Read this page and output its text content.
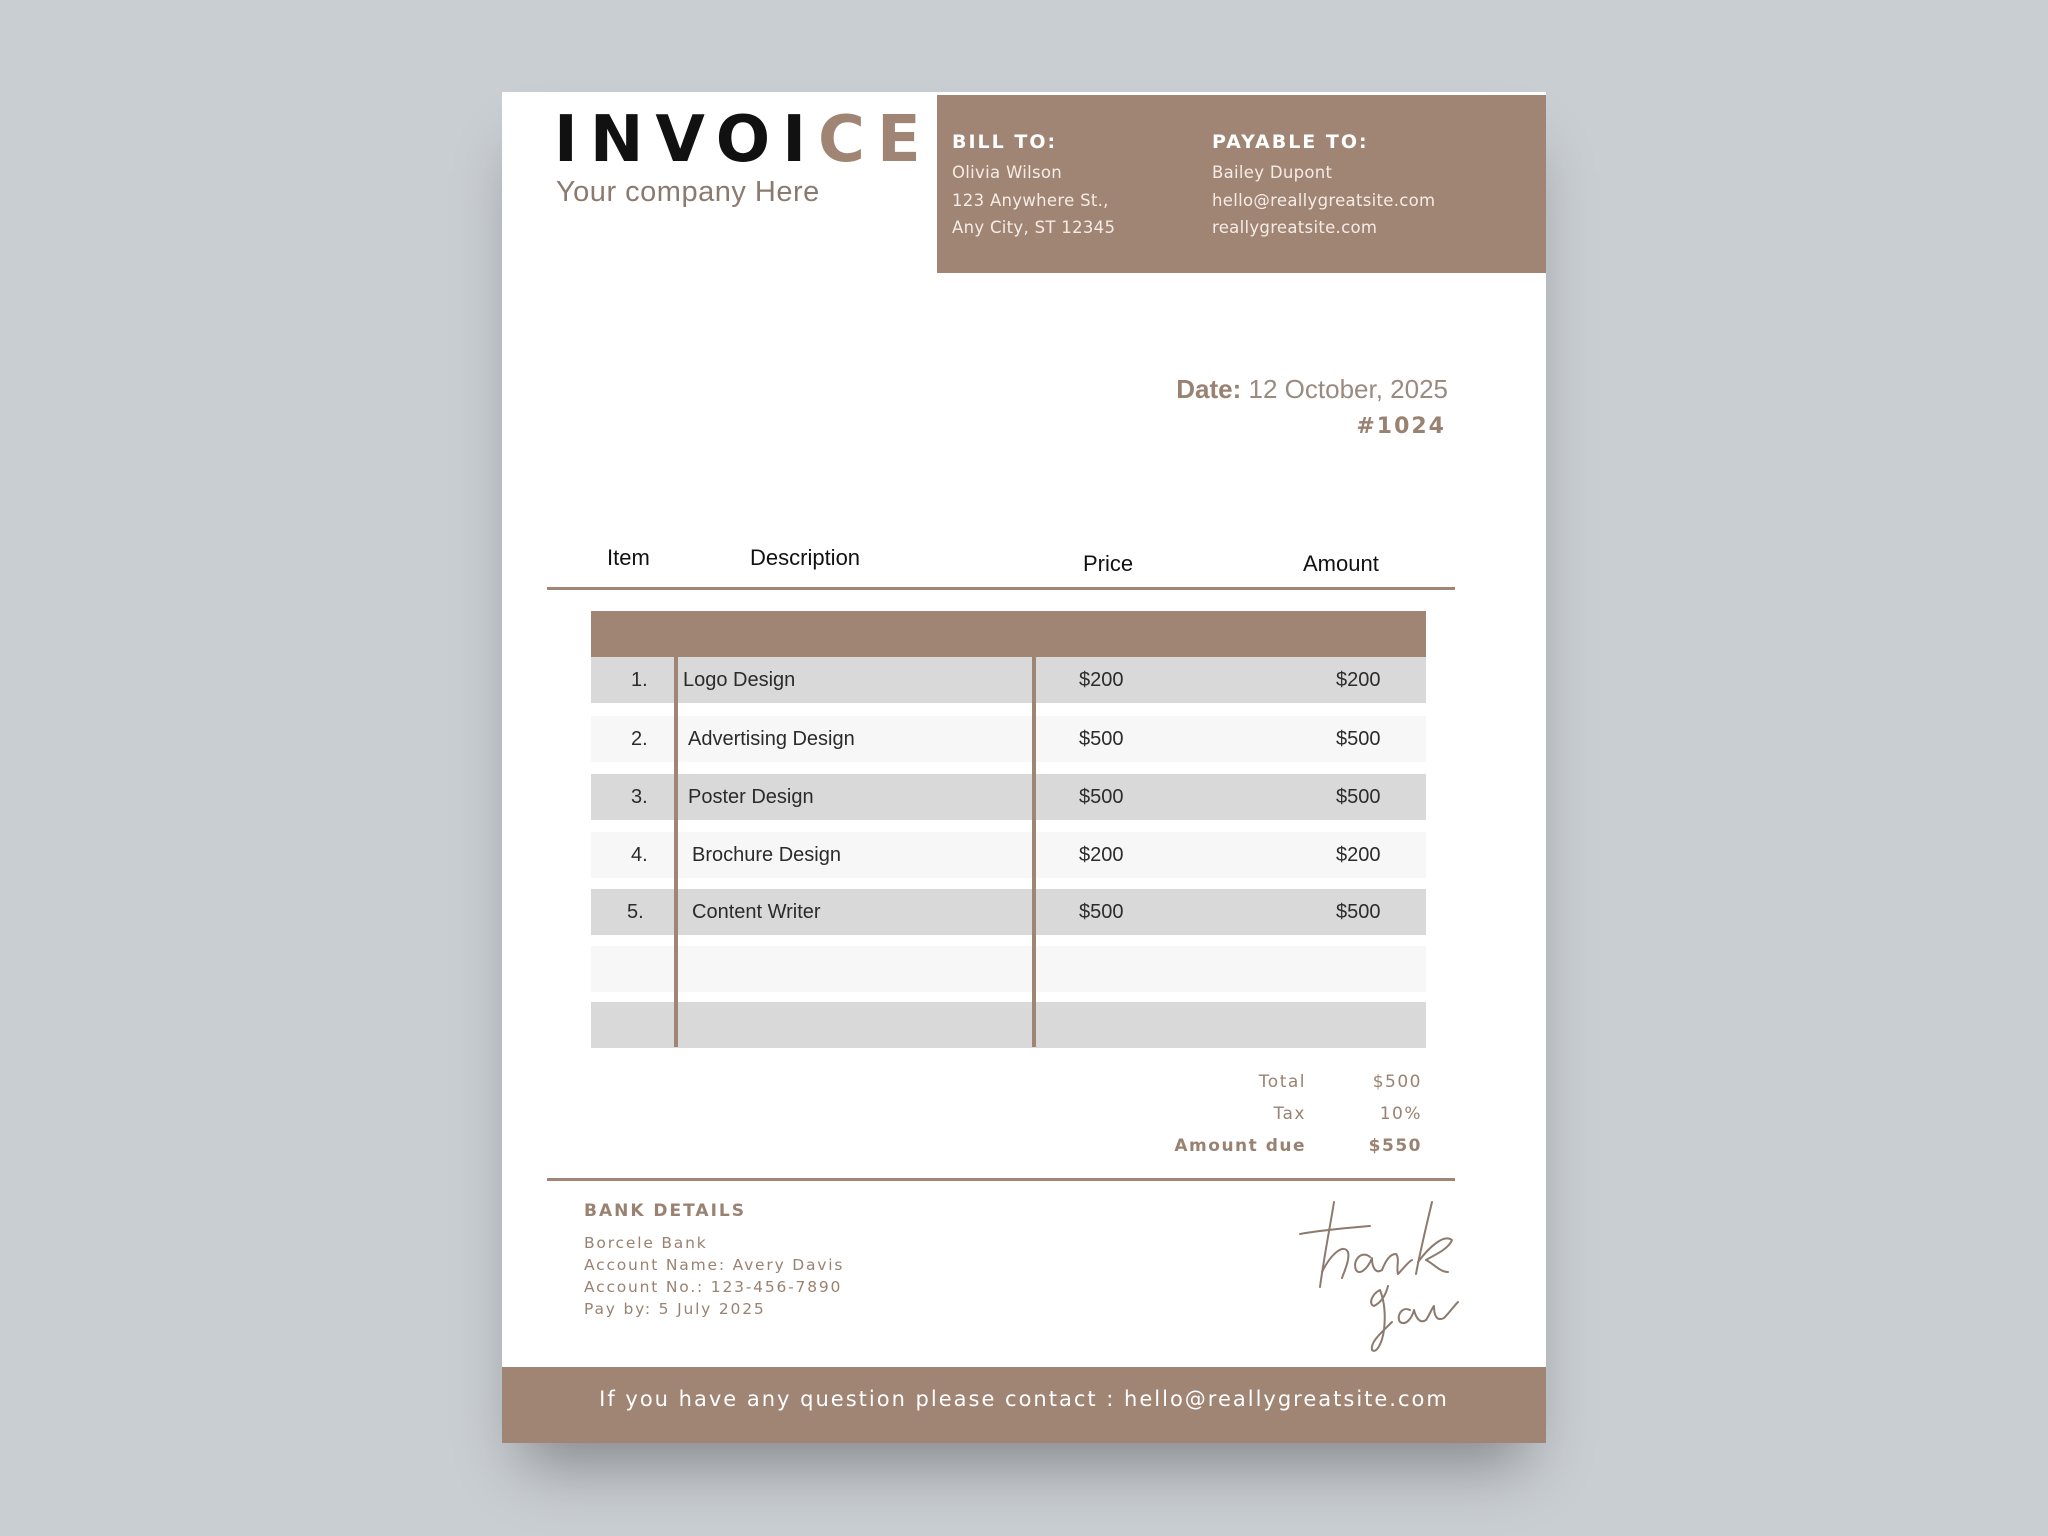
INVOICE
Your company Here
BILL TO:
Olivia Wilson
123 Anywhere St.,
Any City, ST 12345
PAYABLE TO:
Bailey Dupont
hello@reallygreatsite.com
reallygreatsite.com
Date: 12 October, 2025
#1024
Item	Description	Price	Amount
1. Logo Design	$200	$200
2. Advertising Design	$500	$500
3. Poster Design	$500	$500
4. Brochure Design	$200	$200
5. Content Writer	$500	$500
Total	$500
Tax	10%
Amount due	$550
BANK DETAILS
Borcele Bank
Account Name: Avery Davis
Account No.: 123-456-7890
Pay by: 5 July 2025
If you have any question please contact : hello@reallygreatsite.com
